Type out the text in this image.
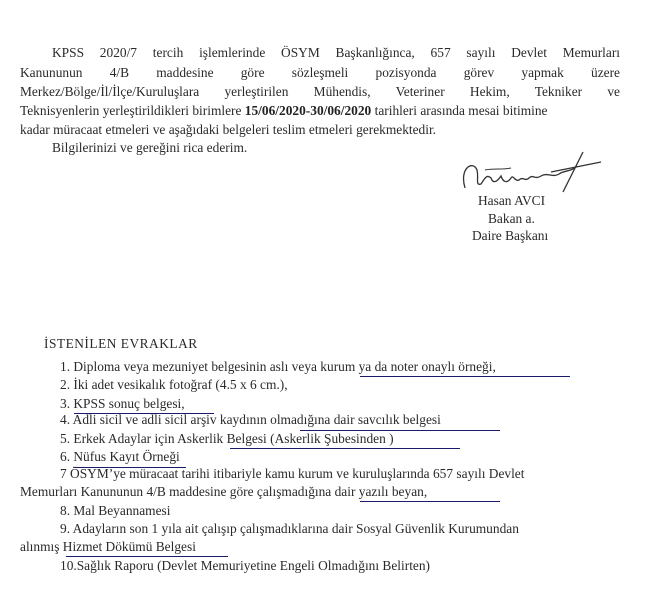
KPSS 2020/7 tercih işlemlerinde ÖSYM Başkanlığınca, 657 sayılı Devlet Memurları
Kanununun 4/B maddesine göre sözleşmeli pozisyonda görev yapmak üzere
Merkez/Bölge/İl/İlçe/Kuruluşlara yerleştirilen Mühendis, Veteriner Hekim, Tekniker ve
Teknisyenlerin yerleştirildikleri birimlere 15/06/2020-30/06/2020 tarihleri arasında mesai bitimine
kadar müracaat etmeleri ve aşağıdaki belgeleri teslim etmeleri gerekmektedir.
Bilgilerinizi ve gereğini rica ederim.
Hasan AVCI
Bakan a.
Daire Başkanı
İSTENİLEN EVRAKLAR
1. Diploma veya mezuniyet belgesinin aslı veya kurum ya da noter onaylı örneği,
2. İki adet vesikalık fotoğraf (4.5 x 6 cm.),
3. KPSS sonuç belgesi,
4. Adli sicil ve adli sicil arşiv kaydının olmadığına dair savcılık belgesi
5. Erkek Adaylar için Askerlik Belgesi (Askerlik Şubesinden )
6. Nüfus Kayıt Örneği
7 ÖSYM’ye müracaat tarihi itibariyle kamu kurum ve kuruluşlarında 657 sayılı Devlet
Memurları Kanununun 4/B maddesine göre çalışmadığına dair yazılı beyan,
8. Mal Beyannamesi
9. Adayların son 1 yıla ait çalışıp çalışmadıklarına dair Sosyal Güvenlik Kurumundan
alınmış Hizmet Dökümü Belgesi
10.Sağlık Raporu (Devlet Memuriyetine Engeli Olmadığını Belirten)
